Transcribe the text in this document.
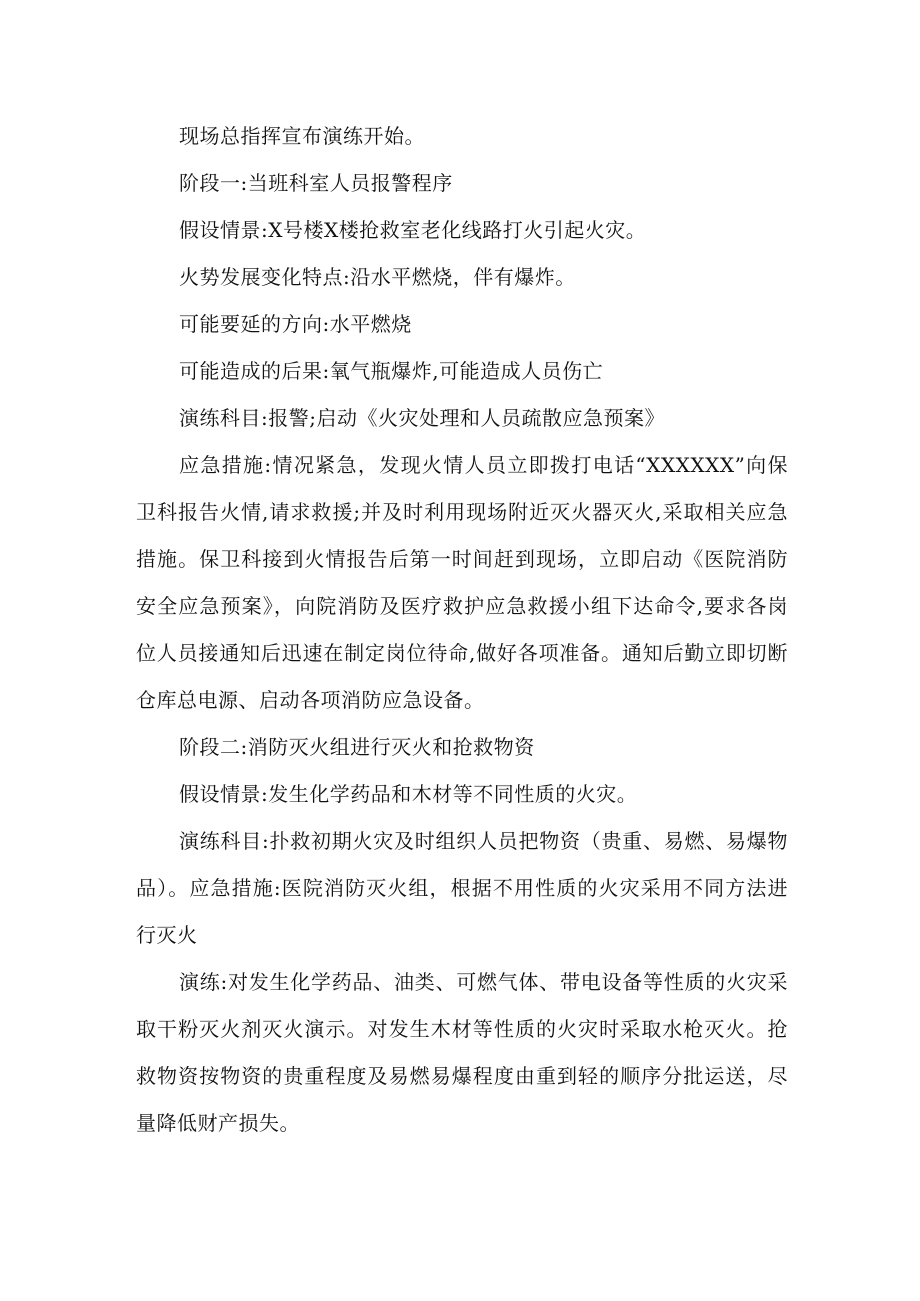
现场总指挥宣布演练开始。

阶段一:当班科室人员报警程序

假设情景:X号楼X楼抢救室老化线路打火引起火灾。

火势发展变化特点:沿水平燃烧，伴有爆炸。

可能要延的方向:水平燃烧

可能造成的后果:氧气瓶爆炸,可能造成人员伤亡

演练科目:报警;启动《火灾处理和人员疏散应急预案》

应急措施:情况紧急，发现火情人员立即拨打电话“XXXXXX”向保卫科报告火情,请求救援;并及时利用现场附近灭火器灭火,采取相关应急措施。保卫科接到火情报告后第一时间赶到现场，立即启动《医院消防安全应急预案》，向院消防及医疗救护应急救援小组下达命令,要求各岗位人员接通知后迅速在制定岗位待命,做好各项准备。通知后勤立即切断仓库总电源、启动各项消防应急设备。

阶段二:消防灭火组进行灭火和抢救物资

假设情景:发生化学药品和木材等不同性质的火灾。

演练科目:扑救初期火灾及时组织人员把物资（贵重、易燃、易爆物品）。应急措施:医院消防灭火组，根据不用性质的火灾采用不同方法进行灭火

演练:对发生化学药品、油类、可燃气体、带电设备等性质的火灾采取干粉灭火剂灭火演示。对发生木材等性质的火灾时采取水枪灭火。抢救物资按物资的贵重程度及易燃易爆程度由重到轻的顺序分批运送，尽量降低财产损失。
